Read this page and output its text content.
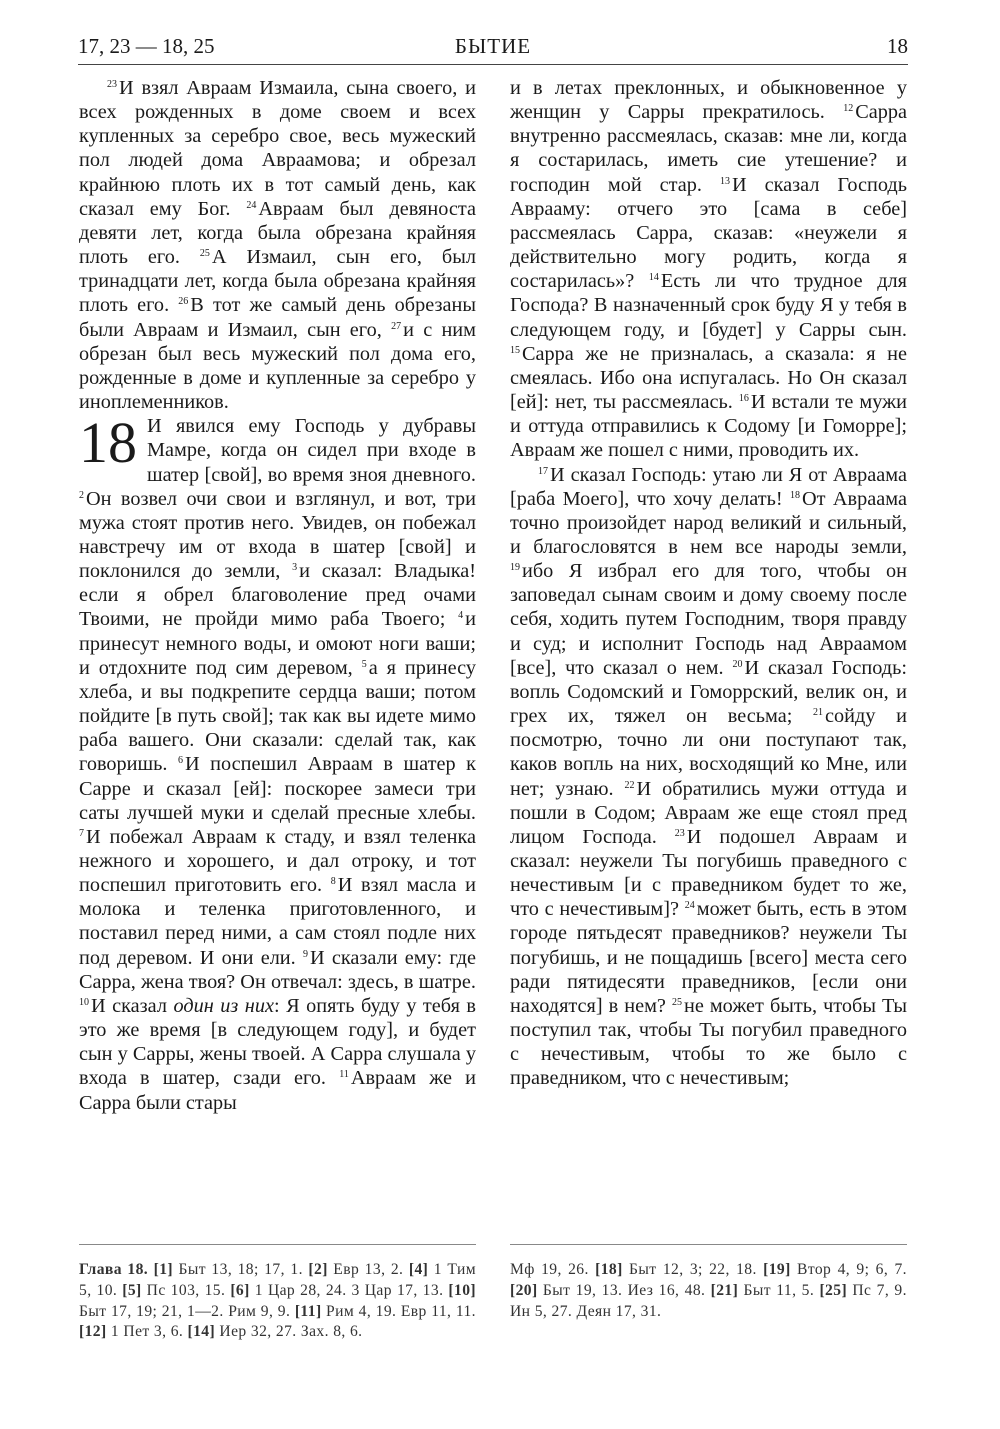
17, 23 — 18, 25	БЫТИЕ	18

$^{23}$И взял Авраам Измаила, сына своего, и всех рожденных в доме своем и всех купленных за серебро свое, весь мужеский пол людей дома Авраамова; и обрезал крайнюю плоть их в тот самый день, как сказал ему Бог. $^{24}$Авраам был девяноста девяти лет, когда была обрезана крайняя плоть его. $^{25}$А Измаил, сын его, был тринадцати лет, когда была обрезана крайняя плоть его. $^{26}$В тот же самый день обрезаны были Авраам и Измаил, сын его, $^{27}$и с ним обрезан был весь мужеский пол дома его, рожденные в доме и купленные за серебро у иноплеменников.

18 И явился ему Господь у дубравы Мамре, когда он сидел при входе в шатер [свой], во время зноя дневного. $^2$Он возвел очи свои и взглянул, и вот, три мужа стоят против него. Увидев, он побежал навстречу им от входа в шатер [свой] и поклонился до земли, $^3$и сказал: Владыка! если я обрел благоволение пред очами Твоими, не пройди мимо раба Твоего; $^4$и принесут немного воды, и омоют ноги ваши; и отдохните под сим деревом, $^5$а я принесу хлеба, и вы подкрепите сердца ваши; потом пойдите [в путь свой]; так как вы идете мимо раба вашего. Они сказали: сделай так, как говоришь. $^6$И поспешил Авраам в шатер к Сарре и сказал [ей]: поскорее замеси три саты лучшей муки и сделай пресные хлебы. $^7$И побежал Авраам к стаду, и взял теленка нежного и хорошего, и дал отроку, и тот поспешил приготовить его. $^8$И взял масла и молока и теленка приготовленного, и поставил перед ними, а сам стоял подле них под деревом. И они ели. $^9$И сказали ему: где Сарра, жена твоя? Он отвечал: здесь, в шатре. $^{10}$И сказал один из них: Я опять буду у тебя в это же время [в следующем году], и будет сын у Сарры, жены твоей. А Сарра слушала у входа в шатер, сзади его. $^{11}$Авраам же и Сарра были стары

и в летах преклонных, и обыкновенное у женщин у Сарры прекратилось. $^{12}$Сарра внутренно рассмеялась, сказав: мне ли, когда я состарилась, иметь сие утешение? и господин мой стар. $^{13}$И сказал Господь Аврааму: отчего это [сама в себе] рассмеялась Сарра, сказав: «неужели я действительно могу родить, когда я состарилась»? $^{14}$Есть ли что трудное для Господа? В назначенный срок буду Я у тебя в следующем году, и [будет] у Сарры сын. $^{15}$Сарра же не призналась, а сказала: я не смеялась. Ибо она испугалась. Но Он сказал [ей]: нет, ты рассмеялась. $^{16}$И встали те мужи и оттуда отправились к Содому [и Гоморре]; Авраам же пошел с ними, проводить их.

$^{17}$И сказал Господь: утаю ли Я от Авраама [раба Моего], что хочу делать! $^{18}$От Авраама точно произойдет народ великий и сильный, и благословятся в нем все народы земли, $^{19}$ибо Я избрал его для того, чтобы он заповедал сынам своим и дому своему после себя, ходить путем Господним, творя правду и суд; и исполнит Господь над Авраамом [все], что сказал о нем. $^{20}$И сказал Господь: вопль Содомский и Гоморрский, велик он, и грех их, тяжел он весьма; $^{21}$сойду и посмотрю, точно ли они поступают так, каков вопль на них, восходящий ко Мне, или нет; узнаю. $^{22}$И обратились мужи оттуда и пошли в Содом; Авраам же еще стоял пред лицом Господа. $^{23}$И подошел Авраам и сказал: неужели Ты погубишь праведного с нечестивым [и с праведником будет то же, что с нечестивым]? $^{24}$может быть, есть в этом городе пятьдесят праведников? неужели Ты погубишь, и не пощадишь [всего] места сего ради пятидесяти праведников, [если они находятся] в нем? $^{25}$не может быть, чтобы Ты поступил так, чтобы Ты погубил праведного с нечестивым, чтобы то же было с праведником, что с нечестивым;

Глава 18. [1] Быт 13, 18; 17, 1. [2] Евр 13, 2. [4] 1 Тим 5, 10. [5] Пс 103, 15. [6] 1 Цар 28, 24. 3 Цар 17, 13. [10] Быт 17, 19; 21, 1—2. Рим 9, 9. [11] Рим 4, 19. Евр 11, 11. [12] 1 Пет 3, 6. [14] Иер 32, 27. Зах. 8, 6.
Мф 19, 26. [18] Быт 12, 3; 22, 18. [19] Втор 4, 9; 6, 7. [20] Быт 19, 13. Иез 16, 48. [21] Быт 11, 5. [25] Пс 7, 9. Ин 5, 27. Деян 17, 31.
